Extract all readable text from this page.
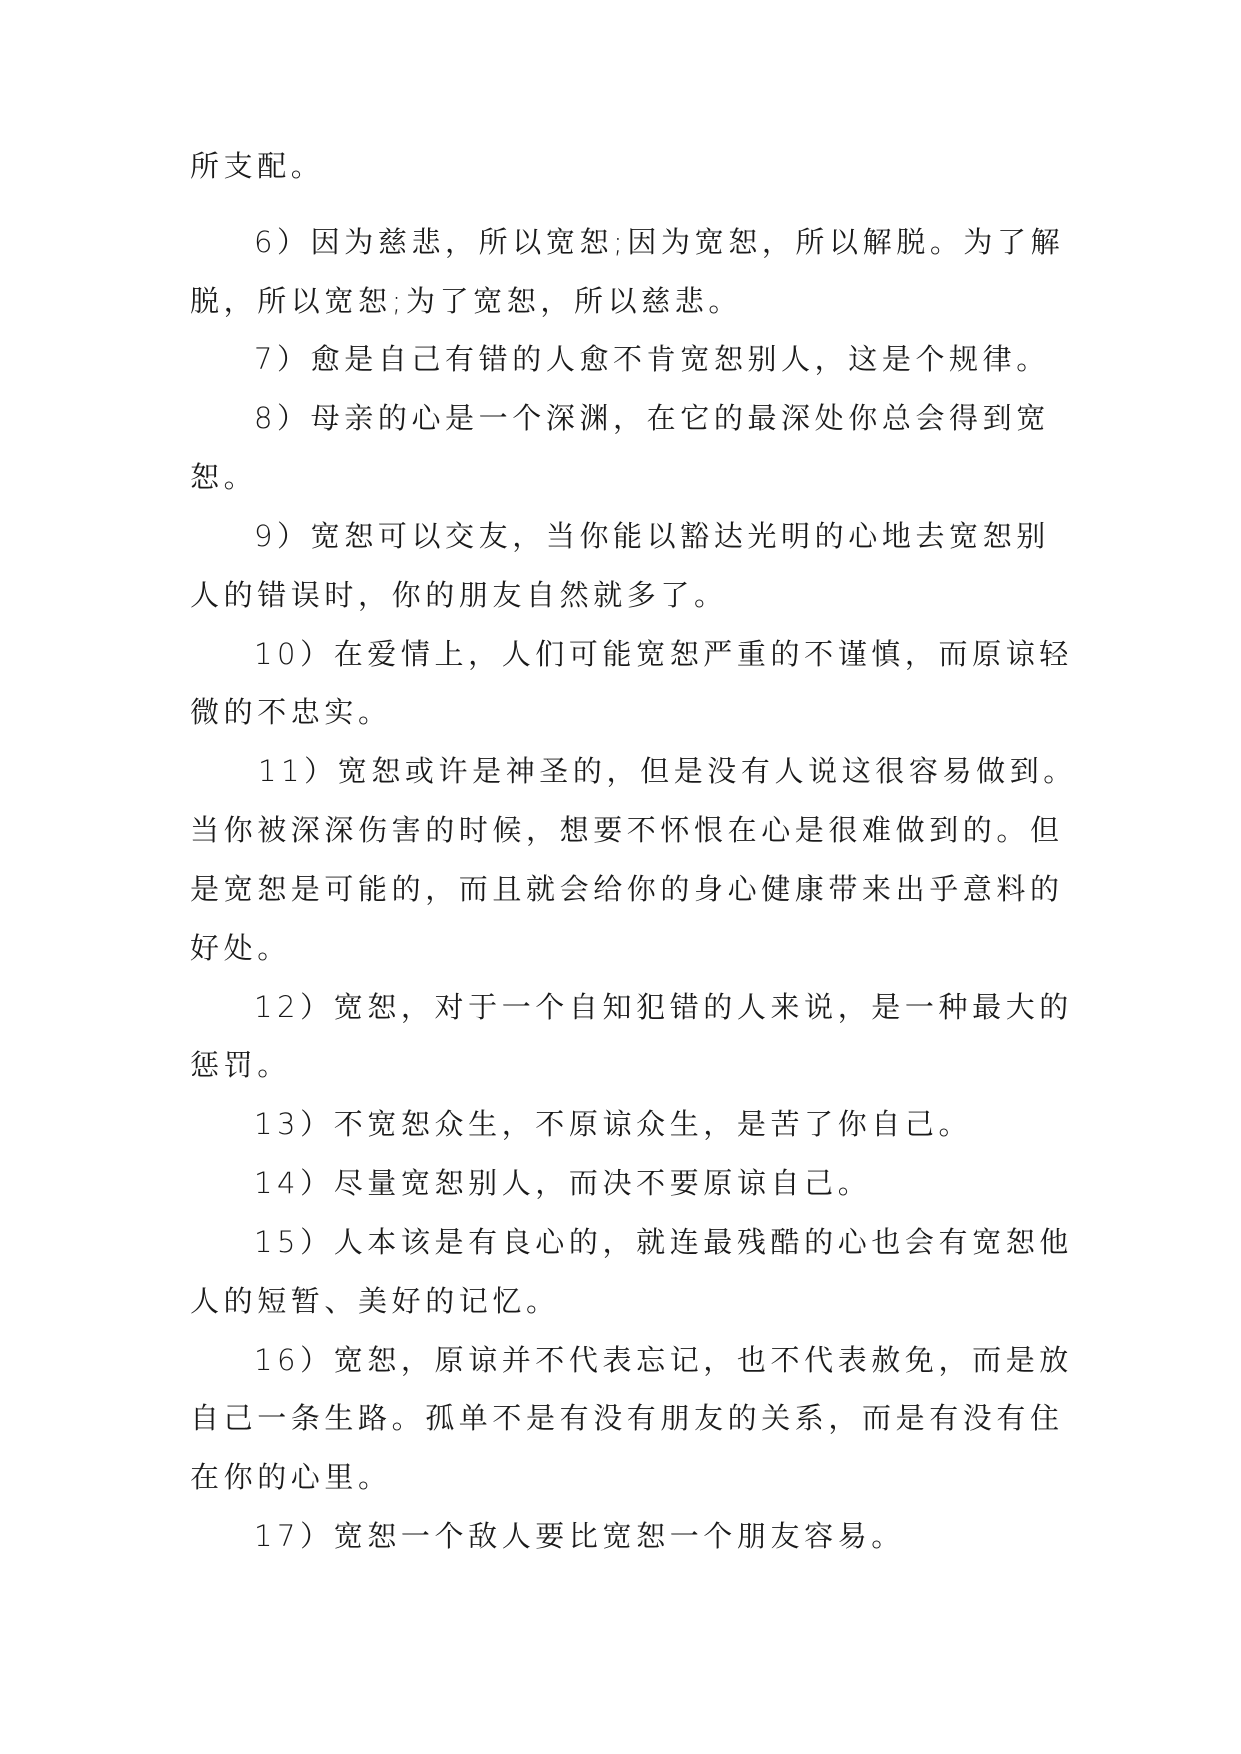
所支配。

6）因为慈悲，所以宽恕;因为宽恕，所以解脱。为了解

脱，所以宽恕;为了宽恕，所以慈悲。

7）愈是自己有错的人愈不肯宽恕别人，这是个规律。

8）母亲的心是一个深渊，在它的最深处你总会得到宽

恕。

9）宽恕可以交友，当你能以豁达光明的心地去宽恕别

人的错误时，你的朋友自然就多了。

10）在爱情上，人们可能宽恕严重的不谨慎，而原谅轻

微的不忠实。

11）宽恕或许是神圣的，但是没有人说这很容易做到。

当你被深深伤害的时候，想要不怀恨在心是很难做到的。但

是宽恕是可能的，而且就会给你的身心健康带来出乎意料的

好处。

12）宽恕，对于一个自知犯错的人来说，是一种最大的

惩罚。

13）不宽恕众生，不原谅众生，是苦了你自己。

14）尽量宽恕别人，而决不要原谅自己。

15）人本该是有良心的，就连最残酷的心也会有宽恕他

人的短暂、美好的记忆。

16）宽恕，原谅并不代表忘记，也不代表赦免，而是放

自己一条生路。孤单不是有没有朋友的关系，而是有没有住

在你的心里。

17）宽恕一个敌人要比宽恕一个朋友容易。
